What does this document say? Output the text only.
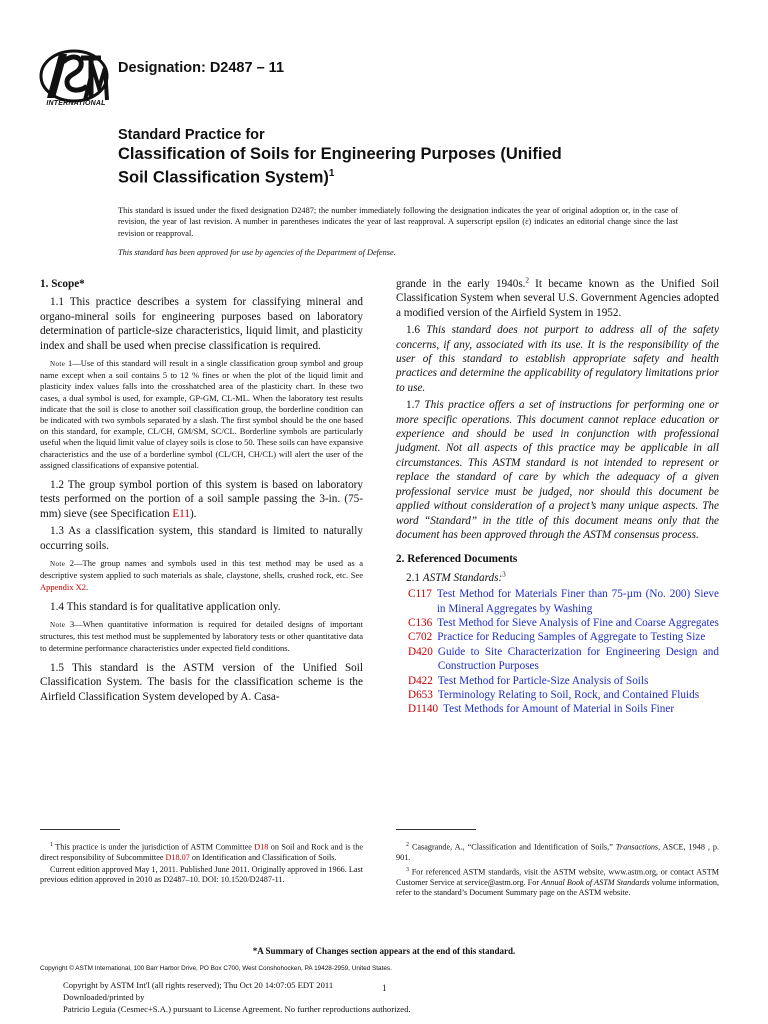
INTERNATIONAL
Designation: D2487 – 11
Standard Practice for
Classification of Soils for Engineering Purposes (Unified
Soil Classification System)$^1$
This standard is issued under the fixed designation D2487; the number immediately following the designation indicates the year of original adoption or, in the case of revision, the year of last revision. A number in parentheses indicates the year of last reapproval. A superscript epsilon (ε) indicates an editorial change since the last revision or reapproval.
This standard has been approved for use by agencies of the Department of Defense.
1. Scope*

1.1 This practice describes a system for classifying mineral and organo-mineral soils for engineering purposes based on laboratory determination of particle-size characteristics, liquid limit, and plasticity index and shall be used when precise classification is required.

Note 1—Use of this standard will result in a single classification group symbol and group name except when a soil contains 5 to 12 % fines or when the plot of the liquid limit and plasticity index values falls into the crosshatched area of the plasticity chart. In these two cases, a dual symbol is used, for example, GP-GM, CL-ML. When the laboratory test results indicate that the soil is close to another soil classification group, the borderline condition can be indicated with two symbols separated by a slash. The first symbol should be the one based on this standard, for example, CL/CH, GM/SM, SC/CL. Borderline symbols are particularly useful when the liquid limit value of clayey soils is close to 50. These soils can have expansive characteristics and the use of a borderline symbol (CL/CH, CH/CL) will alert the user of the assigned classifications of expansive potential.

1.2 The group symbol portion of this system is based on laboratory tests performed on the portion of a soil sample passing the 3-in. (75-mm) sieve (see Specification E11).

1.3 As a classification system, this standard is limited to naturally occurring soils.

Note 2—The group names and symbols used in this test method may be used as a descriptive system applied to such materials as shale, claystone, shells, crushed rock, etc. See Appendix X2.

1.4 This standard is for qualitative application only.

Note 3—When quantitative information is required for detailed designs of important structures, this test method must be supplemented by laboratory tests or other quantitative data to determine performance characteristics under expected field conditions.

1.5 This standard is the ASTM version of the Unified Soil Classification System. The basis for the classification scheme is the Airfield Classification System developed by A. Casa-

grande in the early 1940s.$^2$ It became known as the Unified Soil Classification System when several U.S. Government Agencies adopted a modified version of the Airfield System in 1952.

1.6 This standard does not purport to address all of the safety concerns, if any, associated with its use. It is the responsibility of the user of this standard to establish appropriate safety and health practices and determine the applicability of regulatory limitations prior to use.

1.7 This practice offers a set of instructions for performing one or more specific operations. This document cannot replace education or experience and should be used in conjunction with professional judgment. Not all aspects of this practice may be applicable in all circumstances. This ASTM standard is not intended to represent or replace the standard of care by which the adequacy of a given professional service must be judged, nor should this document be applied without consideration of a project’s many unique aspects. The word “Standard” in the title of this document means only that the document has been approved through the ASTM consensus process.

2. Referenced Documents

2.1 ASTM Standards:$^3$

C117 Test Method for Materials Finer than 75-µm (No. 200) Sieve in Mineral Aggregates by Washing
C136 Test Method for Sieve Analysis of Fine and Coarse Aggregates
C702 Practice for Reducing Samples of Aggregate to Testing Size
D420 Guide to Site Characterization for Engineering Design and Construction Purposes
D422 Test Method for Particle-Size Analysis of Soils
D653 Terminology Relating to Soil, Rock, and Contained Fluids
D1140 Test Methods for Amount of Material in Soils Finer

$^1$ This practice is under the jurisdiction of ASTM Committee D18 on Soil and Rock and is the direct responsibility of Subcommittee D18.07 on Identification and Classification of Soils.

Current edition approved May 1, 2011. Published June 2011. Originally approved in 1966. Last previous edition approved in 2010 as D2487–10. DOI: 10.1520/D2487-11.

$^2$ Casagrande, A., “Classification and Identification of Soils,” Transactions, ASCE, 1948 , p. 901.

$^3$ For referenced ASTM standards, visit the ASTM website, www.astm.org, or contact ASTM Customer Service at service@astm.org. For Annual Book of ASTM Standards volume information, refer to the standard’s Document Summary page on the ASTM website.

*A Summary of Changes section appears at the end of this standard.
Copyright © ASTM International, 100 Barr Harbor Drive, PO Box C700, West Conshohocken, PA 19428-2959, United States.
Copyright by ASTM Int'l (all rights reserved); Thu Oct 20 14:07:05 EDT 2011
Downloaded/printed by
Patricio Leguia (Cesmec+S.A.) pursuant to License Agreement. No further reproductions authorized.
1
